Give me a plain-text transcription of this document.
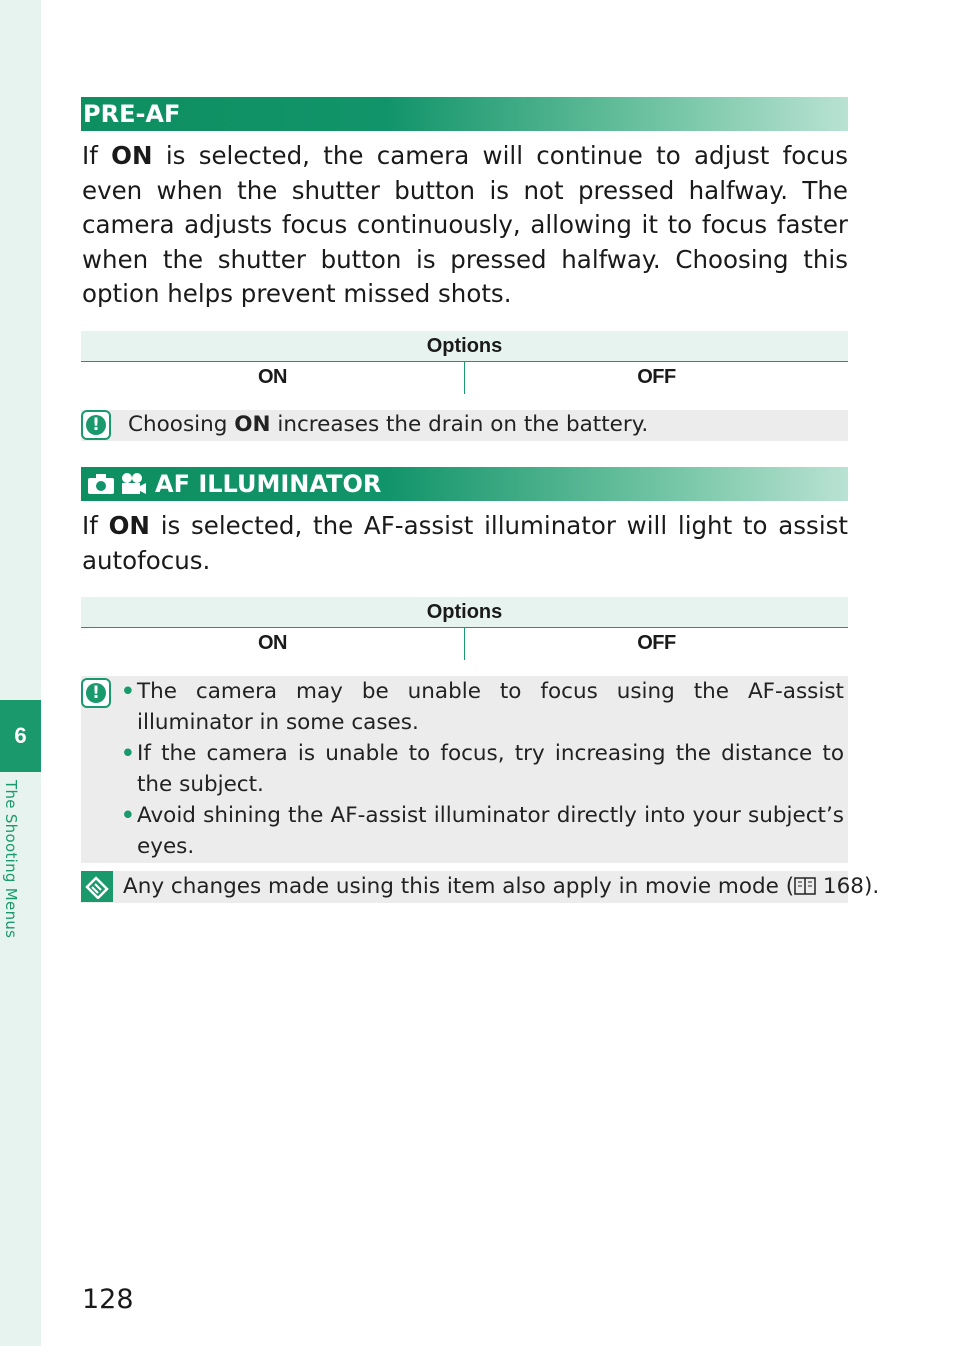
6
The Shooting Menus
PRE-AF
If ON is selected, the camera will continue to adjust focus even when the shutter button is not pressed halfway. The camera adjusts focus continuously, allowing it to focus faster when the shutter button is pressed halfway. Choosing this option helps prevent missed shots.
Options
ON	OFF
! Choosing ON increases the drain on the battery.
AF ILLUMINATOR
If ON is selected, the AF-assist illuminator will light to assist autofocus.
Options
ON	OFF
! • The camera may be unable to focus using the AF-assist illuminator in some cases.
• If the camera is unable to focus, try increasing the distance to the subject.
• Avoid shining the AF-assist illuminator directly into your subject’s eyes.
Any changes made using this item also apply in movie mode ( 168).
128
